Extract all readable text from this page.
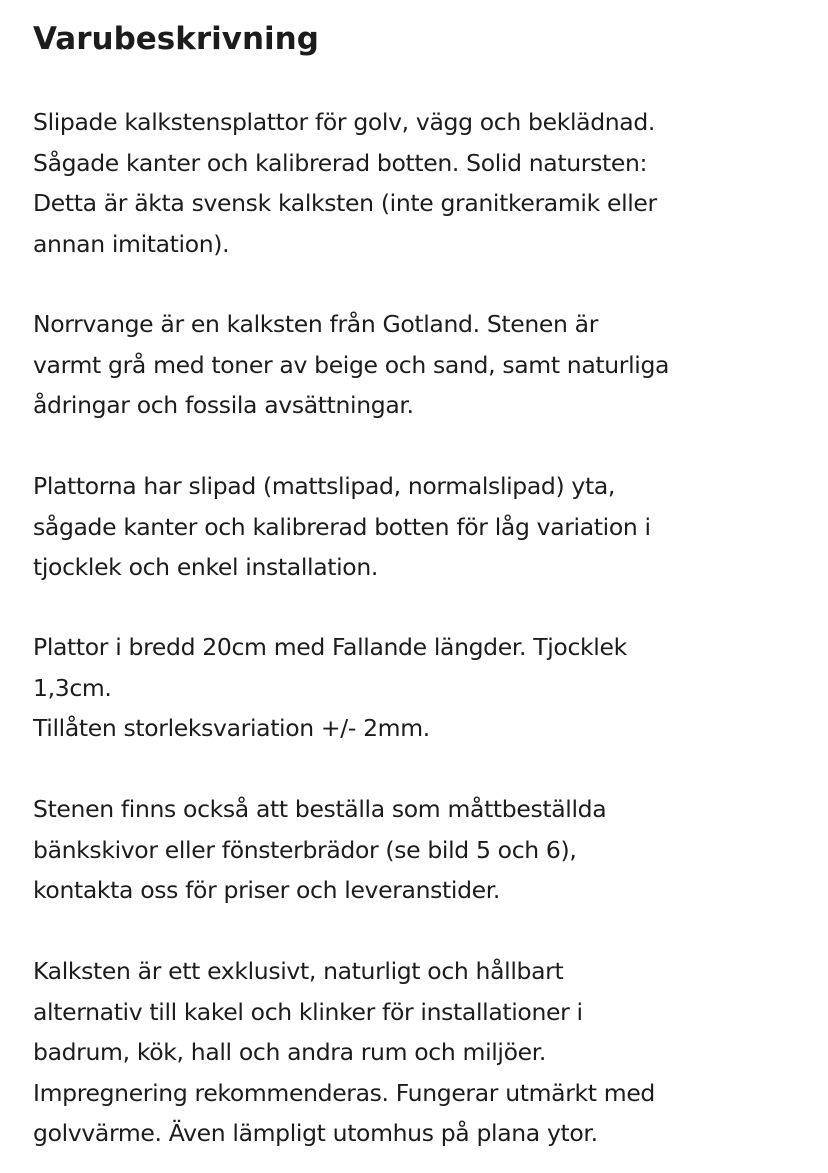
Varubeskrivning

Slipade kalkstensplattor för golv, vägg och beklädnad.
Sågade kanter och kalibrerad botten. Solid natursten:
Detta är äkta svensk kalksten (inte granitkeramik eller
annan imitation).

Norrvange är en kalksten från Gotland. Stenen är
varmt grå med toner av beige och sand, samt naturliga
ådringar och fossila avsättningar.

Plattorna har slipad (mattslipad, normalslipad) yta,
sågade kanter och kalibrerad botten för låg variation i
tjocklek och enkel installation.

Plattor i bredd 20cm med Fallande längder. Tjocklek
1,3cm.
Tillåten storleksvariation +/- 2mm.

Stenen finns också att beställa som måttbeställda
bänkskivor eller fönsterbrädor (se bild 5 och 6),
kontakta oss för priser och leveranstider.

Kalksten är ett exklusivt, naturligt och hållbart
alternativ till kakel och klinker för installationer i
badrum, kök, hall och andra rum och miljöer.
Impregnering rekommenderas. Fungerar utmärkt med
golvvärme. Även lämpligt utomhus på plana ytor.
